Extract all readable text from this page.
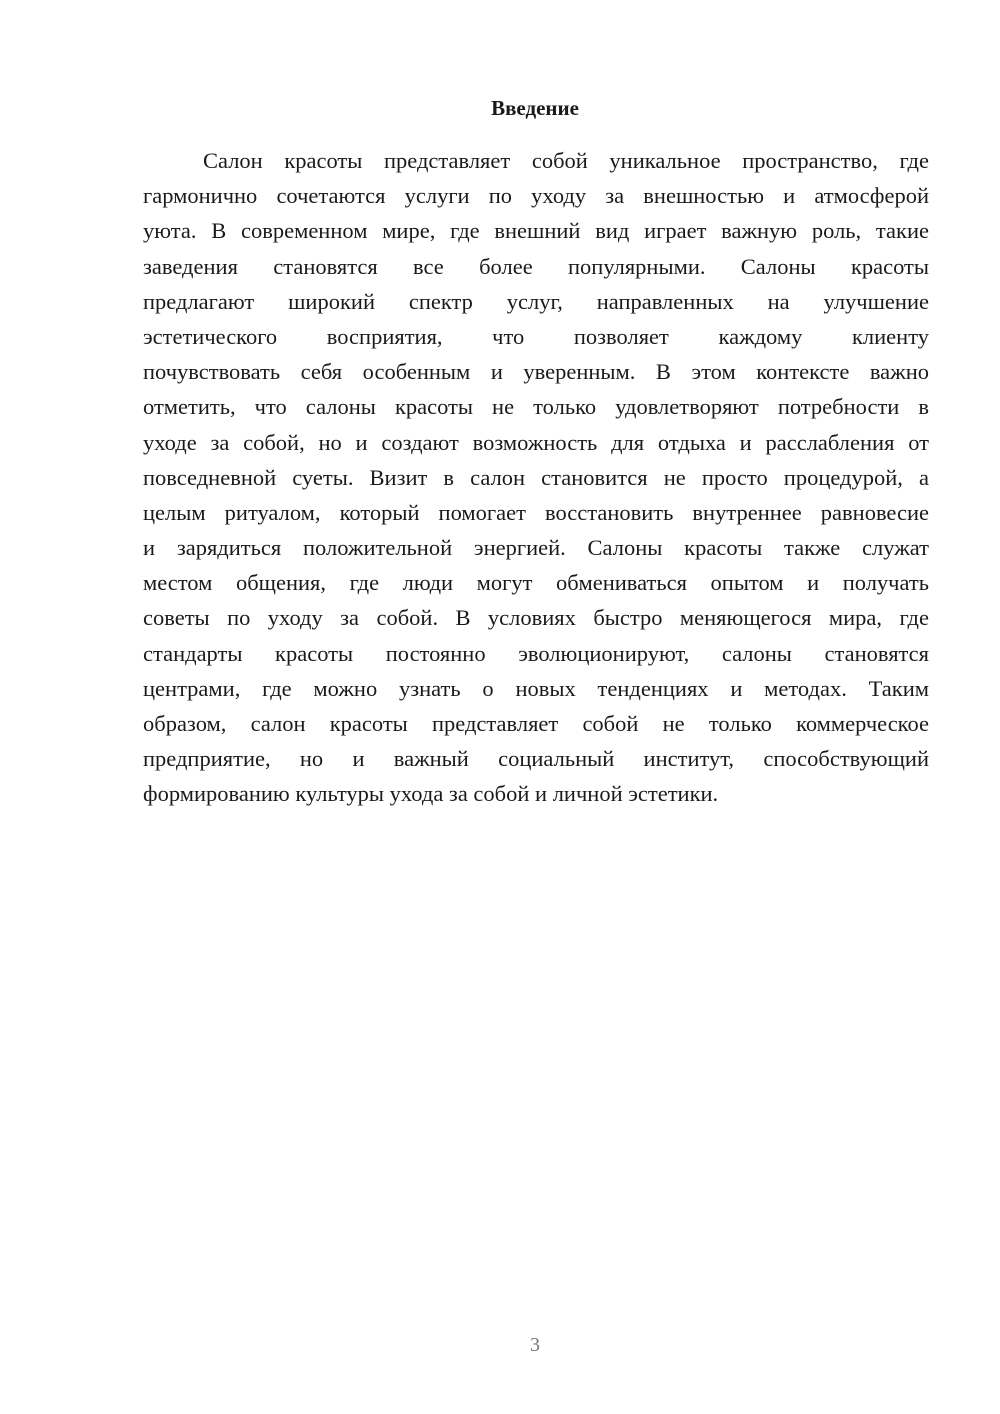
Введение
Салон красоты представляет собой уникальное пространство, где
гармонично сочетаются услуги по уходу за внешностью и атмосферой
уюта. В современном мире, где внешний вид играет важную роль, такие
заведения становятся все более популярными. Салоны красоты
предлагают широкий спектр услуг, направленных на улучшение
эстетического восприятия, что позволяет каждому клиенту
почувствовать себя особенным и уверенным. В этом контексте важно
отметить, что салоны красоты не только удовлетворяют потребности в
уходе за собой, но и создают возможность для отдыха и расслабления от
повседневной суеты. Визит в салон становится не просто процедурой, а
целым ритуалом, который помогает восстановить внутреннее равновесие
и зарядиться положительной энергией. Салоны красоты также служат
местом общения, где люди могут обмениваться опытом и получать
советы по уходу за собой. В условиях быстро меняющегося мира, где
стандарты красоты постоянно эволюционируют, салоны становятся
центрами, где можно узнать о новых тенденциях и методах. Таким
образом, салон красоты представляет собой не только коммерческое
предприятие, но и важный социальный институт, способствующий
формированию культуры ухода за собой и личной эстетики.
3
